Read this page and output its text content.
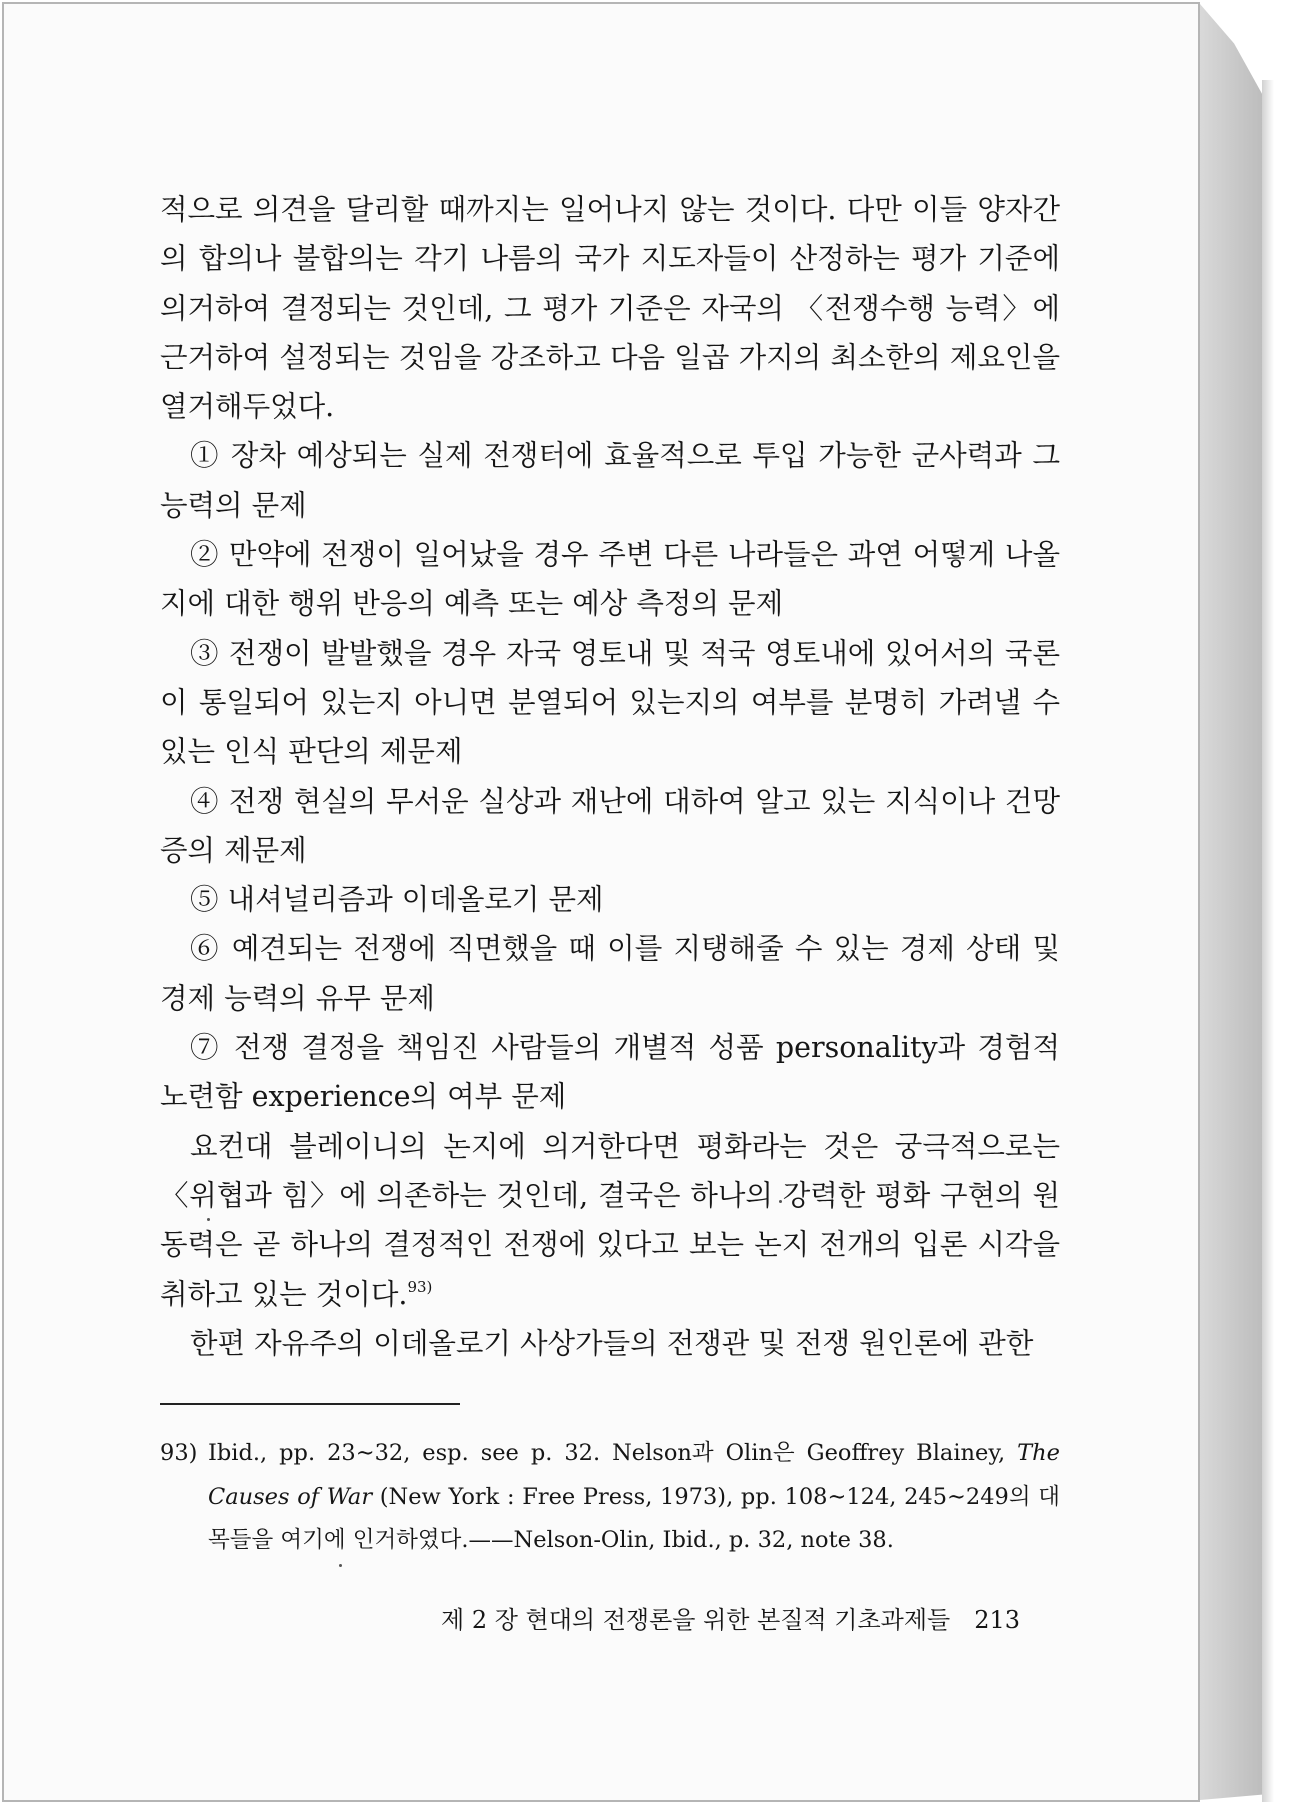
적으로 의견을 달리할 때까지는 일어나지 않는 것이다. 다만 이들 양자간의 합의나 불합의는 각기 나름의 국가 지도자들이 산정하는 평가 기준에 의거하여 결정되는 것인데, 그 평가 기준은 자국의 〈전쟁수행 능력〉에 근거하여 설정되는 것임을 강조하고 다음 일곱 가지의 최소한의 제요인을 열거해두었다.

① 장차 예상되는 실제 전쟁터에 효율적으로 투입 가능한 군사력과 그 능력의 문제

② 만약에 전쟁이 일어났을 경우 주변 다른 나라들은 과연 어떻게 나올지에 대한 행위 반응의 예측 또는 예상 측정의 문제

③ 전쟁이 발발했을 경우 자국 영토내 및 적국 영토내에 있어서의 국론이 통일되어 있는지 아니면 분열되어 있는지의 여부를 분명히 가려낼 수 있는 인식 판단의 제문제

④ 전쟁 현실의 무서운 실상과 재난에 대하여 알고 있는 지식이나 건망증의 제문제

⑤ 내셔널리즘과 이데올로기 문제

⑥ 예견되는 전쟁에 직면했을 때 이를 지탱해줄 수 있는 경제 상태 및 경제 능력의 유무 문제

⑦ 전쟁 결정을 책임진 사람들의 개별적 성품 personality과 경험적 노련함 experience의 여부 문제

요컨대 블레이니의 논지에 의거한다면 평화라는 것은 궁극적으로는 〈위협과 힘〉에 의존하는 것인데, 결국은 하나의 강력한 평화 구현의 원동력은 곧 하나의 결정적인 전쟁에 있다고 보는 논지 전개의 입론 시각을 취하고 있는 것이다.$^{93)}$

한편 자유주의 이데올로기 사상가들의 전쟁관 및 전쟁 원인론에 관한

93) Ibid., pp. 23∼32, esp. see p. 32. Nelson과 Olin은 Geoffrey Blainey, The Causes of War (New York : Free Press, 1973), pp. 108∼124, 245∼249의 대목들을 여기에 인거하였다.——Nelson-Olin, Ibid., p. 32, note 38.
제 2 장 현대의 전쟁론을 위한 본질적 기초과제들 213
